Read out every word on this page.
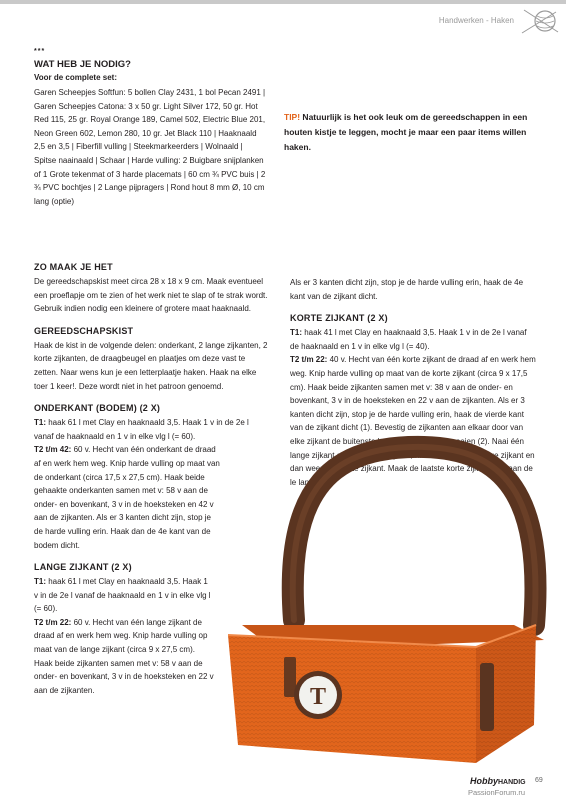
Handwerken - Haken
***
WAT HEB JE NODIG?
Voor de complete set:

Garen Scheepjes Softfun: 5 bollen Clay 2431, 1 bol Pecan 2491 | Garen Scheepjes Catona: 3 x 50 gr. Light Silver 172, 50 gr. Hot Red 115, 25 gr. Royal Orange 189, Camel 502, Electric Blue 201, Neon Green 602, Lemon 280, 10 gr. Jet Black 110 | Haaknaald 2,5 en 3,5 | Fiberfill vulling | Steekmarkeerders | Wolnaald | Spitse naainaald | Schaar | Harde vulling: 2 Buigbare snijplanken of 1 Grote tekenmat of 3 harde placemats | 60 cm ¾ PVC buis | 2 ¾ PVC bochtjes | 2 Lange pijpragers | Rond hout 8 mm Ø, 10 cm lang (optie)

TIP! Natuurlijk is het ook leuk om de gereedschappen in een houten kistje te leggen, mocht je maar een paar items willen haken.

ZO MAAK JE HET

De gereedschapskist meet circa 28 x 18 x 9 cm. Maak eventueel een proeflapje om te zien of het werk niet te slap of te strak wordt. Gebruik indien nodig een kleinere of grotere maat haaknaald.

GEREEDSCHAPSKIST

Haak de kist in de volgende delen: onderkant, 2 lange zijkanten, 2 korte zijkanten, de draagbeugel en plaatjes om deze vast te zetten. Naar wens kun je een letterplaatje haken. Haak na elke toer 1 keer!. Deze wordt niet in het patroon genoemd.

ONDERKANT (BODEM) (2 X)

T1: haak 61 l met Clay en haaknaald 3,5. Haak 1 v in de 2e l vanaf de haaknaald en 1 v in elke vlg l (= 60).

T2 t/m 42: 60 v. Hecht van één onderkant de draad af en werk hem weg. Knip harde vulling op maat van de onderkant (circa 17,5 x 27,5 cm). Haak beide gehaakte onderkanten samen met v: 58 v aan de onder- en bovenkant, 3 v in de hoeksteken en 42 v aan de zijkanten. Als er 3 kanten dicht zijn, stop je de harde vulling erin. Haak dan de 4e kant van de bodem dicht.

LANGE ZIJKANT (2 X)

T1: haak 61 l met Clay en haaknaald 3,5. Haak 1 v in de 2e l vanaf de haaknaald en 1 v in elke vlg l (= 60).

T2 t/m 22: 60 v. Hecht van één lange zijkant de draad af en werk hem weg. Knip harde vulling op maat van de lange zijkant (circa 9 x 27,5 cm). Haak beide zijkanten samen met v: 58 v aan de onder- en bovenkant, 3 v in de hoeksteken en 22 v aan de zijkanten.

Als er 3 kanten dicht zijn, stop je de harde vulling erin, haak de 4e kant van de zijkant dicht.

KORTE ZIJKANT (2 X)

T1: haak 41 l met Clay en haaknaald 3,5. Haak 1 v in de 2e l vanaf de haaknaald en 1 v in elke vlg l (= 40).

T2 t/m 22: 40 v. Hecht van één korte zijkant de draad af en werk hem weg. Knip harde vulling op maat van de korte zijkant (circa 9 x 17,5 cm). Haak beide zijkanten samen met v: 38 v aan de onder- en bovenkant, 3 v in de hoeksteken en 22 v aan de zijkanten. Als er 3 kanten dicht zijn, stop je de harde vulling erin, haak de vierde kant van de zijkant dicht (1). Bevestig de zijkanten aan elkaar door van elke zijkant de buitenste lussen aan elkaar te naaien (2). Naai één lange zijkant aan een korte zijkant, hieraan komt een lange zijkant en dan weer een korte zijkant. Maak de laatste korte zijkant vast aan de le lange >>

T
HobbyHANDIG 69
PassionForum.ru
